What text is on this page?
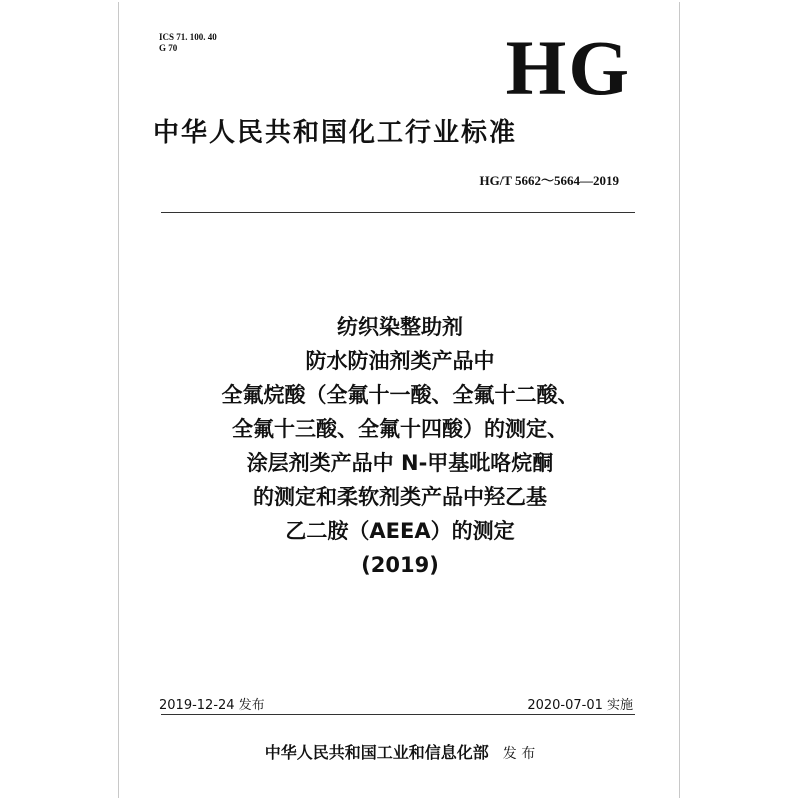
ICS 71. 100. 40
G 70	HG
中华人民共和国化工行业标准
HG/T 5662～5664—2019
纺织染整助剂
防水防油剂类产品中
全氟烷酸（全氟十一酸、全氟十二酸、
全氟十三酸、全氟十四酸）的测定、
涂层剂类产品中 N-甲基吡咯烷酮
的测定和柔软剂类产品中羟乙基
乙二胺（AEEA）的测定
(2019)
2019-12-24 发布	2020-07-01 实施
中华人民共和国工业和信息化部 发 布
